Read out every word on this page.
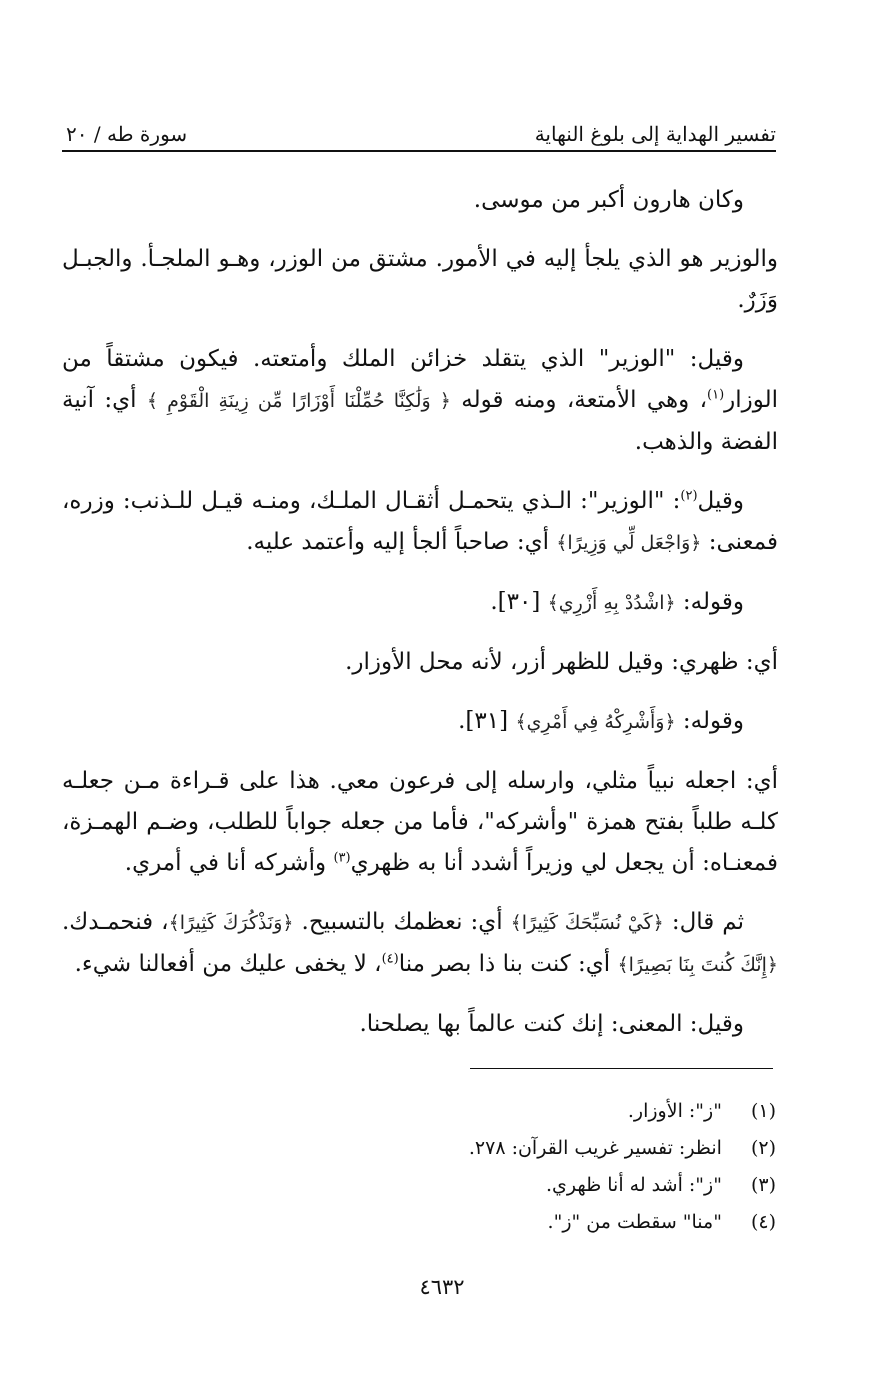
تفسير الهداية إلى بلوغ النهاية
سورة طه / ٢٠

وكان هارون أكبر من موسى.

والوزير هو الذي يلجأ إليه في الأمور. مشتق من الوزر، وهـو الملجـأ. والجبـل وَزَرٌ.

وقيل: "الوزير" الذي يتقلد خزائن الملك وأمتعته. فيكون مشتقاً من الوزار$^{(١)}$، وهي الأمتعة، ومنه قوله ﴿ وَلَٰكِنَّا حُمِّلْنَا أَوْزَارًا مِّن زِينَةِ الْقَوْمِ ﴾ أي: آنية الفضة والذهب.

وقيل$^{(٢)}$: "الوزير": الـذي يتحمـل أثقـال الملـك، ومنـه قيـل للـذنب: وزره، فمعنى: ﴿وَاجْعَل لِّي وَزِيرًا﴾ أي: صاحباً ألجأ إليه وأعتمد عليه.

وقوله: ﴿اشْدُدْ بِهِ أَزْرِي﴾ [٣٠].

أي: ظهري: وقيل للظهر أزر، لأنه محل الأوزار.

وقوله: ﴿وَأَشْرِكْهُ فِي أَمْرِي﴾ [٣١].

أي: اجعله نبياً مثلي، وارسله إلى فرعون معي. هذا على قـراءة مـن جعلـه كلـه طلباً بفتح همزة "وأشركه"، فأما من جعله جواباً للطلب، وضـم الهمـزة، فمعنـاه: أن يجعل لي وزيراً أشدد أنا به ظهري$^{(٣)}$ وأشركه أنا في أمري.

ثم قال: ﴿كَيْ نُسَبِّحَكَ كَثِيرًا﴾ أي: نعظمك بالتسبيح. ﴿وَنَذْكُرَكَ كَثِيرًا﴾، فنحمـدك. ﴿إِنَّكَ كُنتَ بِنَا بَصِيرًا﴾ أي: كنت بنا ذا بصر منا$^{(٤)}$، لا يخفى عليك من أفعالنا شيء.

وقيل: المعنى: إنك كنت عالماً بها يصلحنا.

(١) "ز": الأوزار.
(٢) انظر: تفسير غريب القرآن: ٢٧٨.
(٣) "ز": أشد له أنا ظهري.
(٤) "منا" سقطت من "ز".
٤٦٣٢
